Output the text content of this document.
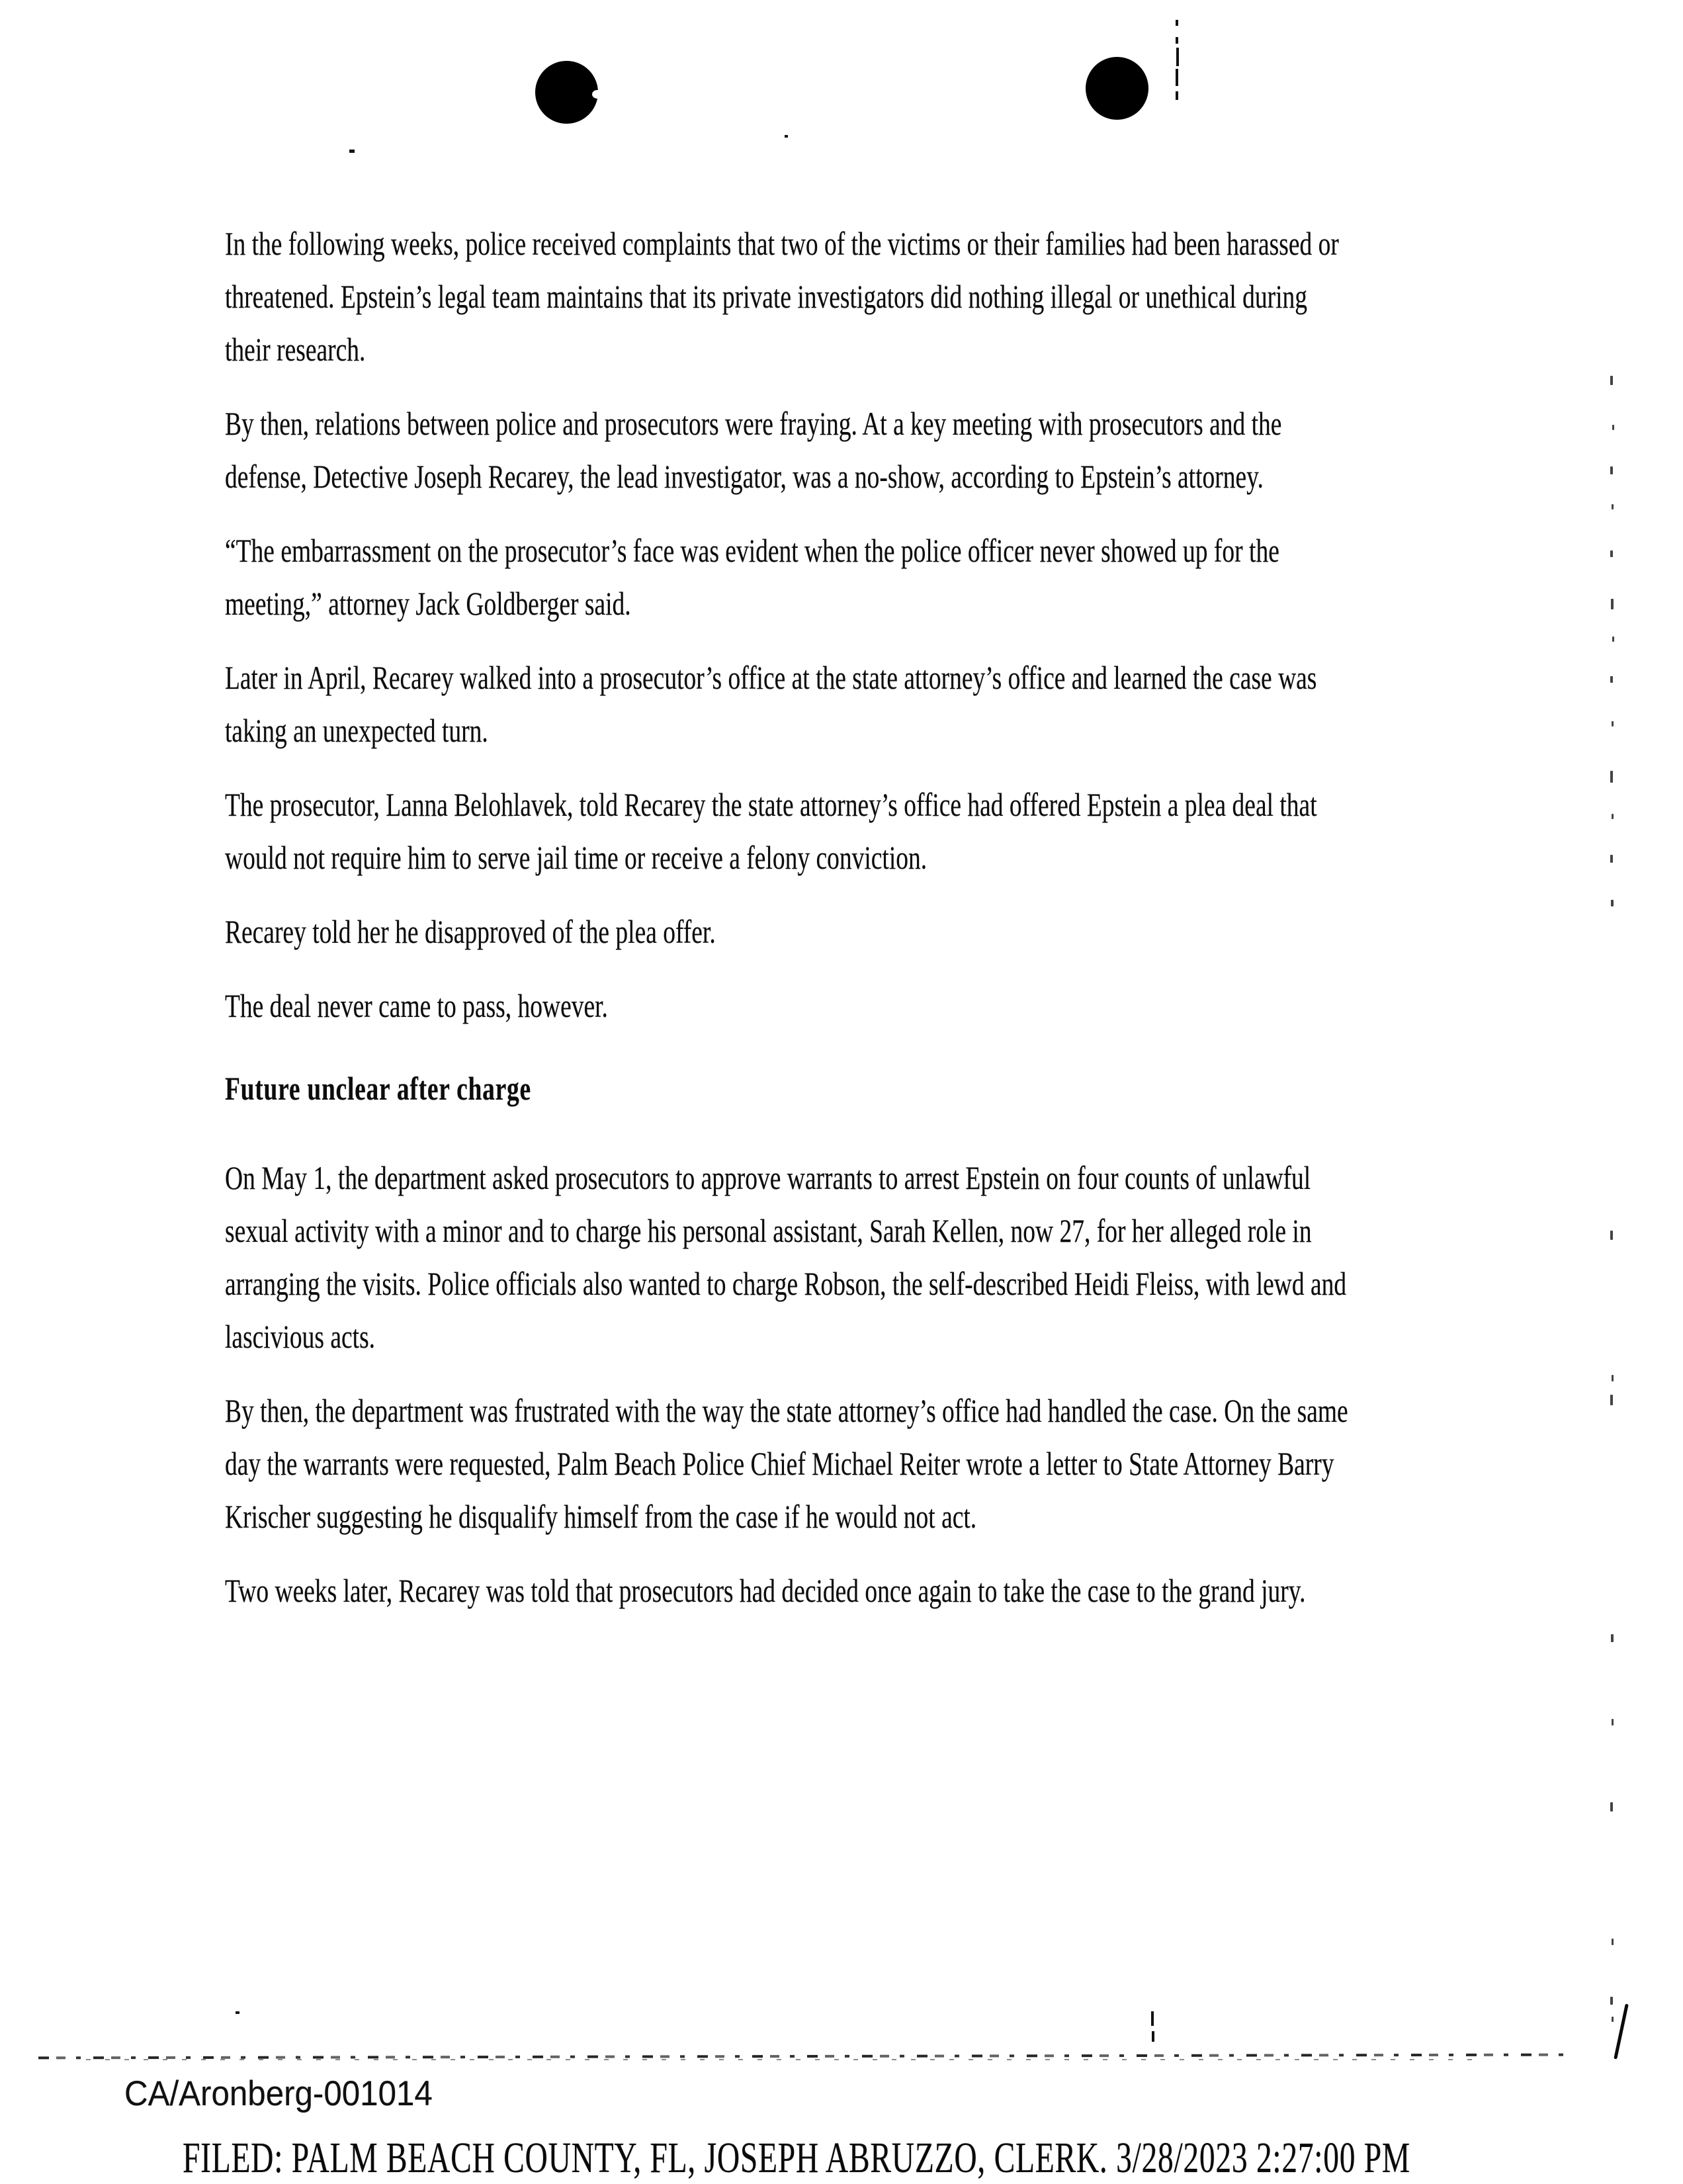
In the following weeks, police received complaints that two of the victims or their families had been harassed or threatened. Epstein’s legal team maintains that its private investigators did nothing illegal or unethical during their research.

By then, relations between police and prosecutors were fraying. At a key meeting with prosecutors and the defense, Detective Joseph Recarey, the lead investigator, was a no-show, according to Epstein’s attorney.

“The embarrassment on the prosecutor’s face was evident when the police officer never showed up for the meeting,” attorney Jack Goldberger said.

Later in April, Recarey walked into a prosecutor’s office at the state attorney’s office and learned the case was taking an unexpected turn.

The prosecutor, Lanna Belohlavek, told Recarey the state attorney’s office had offered Epstein a plea deal that would not require him to serve jail time or receive a felony conviction.

Recarey told her he disapproved of the plea offer.

The deal never came to pass, however.

Future unclear after charge

On May 1, the department asked prosecutors to approve warrants to arrest Epstein on four counts of unlawful sexual activity with a minor and to charge his personal assistant, Sarah Kellen, now 27, for her alleged role in arranging the visits. Police officials also wanted to charge Robson, the self-described Heidi Fleiss, with lewd and lascivious acts.

By then, the department was frustrated with the way the state attorney’s office had handled the case. On the same day the warrants were requested, Palm Beach Police Chief Michael Reiter wrote a letter to State Attorney Barry Krischer suggesting he disqualify himself from the case if he would not act.

Two weeks later, Recarey was told that prosecutors had decided once again to take the case to the grand jury.

CA/Aronberg-001014
FILED: PALM BEACH COUNTY, FL, JOSEPH ABRUZZO, CLERK. 3/28/2023 2:27:00 PM
